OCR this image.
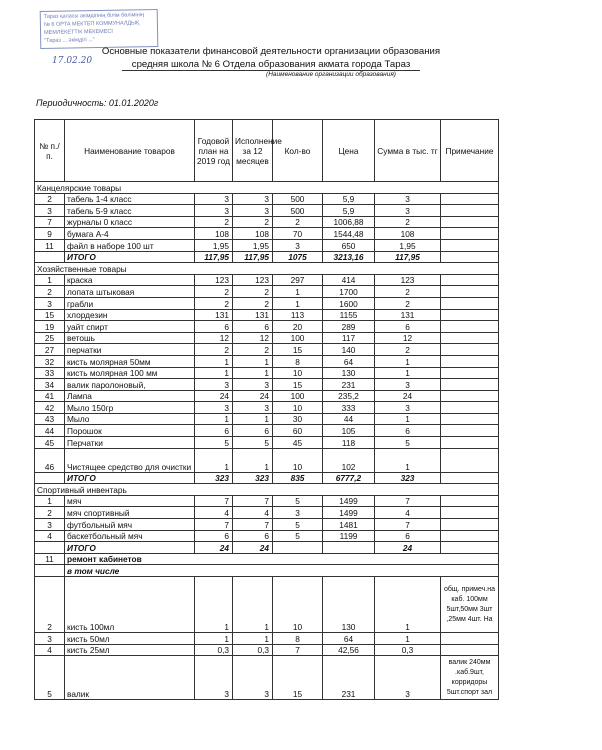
Тараз қаласы әкімдігінің білім бөлімінің
№ 6 ОРТА МЕКТЕП КОММУНАЛДЫҚ
МЕМЛЕКЕТТІК МЕКЕМЕСІ
"Тараз ... әкімдігі ..."
Основные показатели финансовой деятельности организации образования
17.02.20	средняя школа № 6 Отдела образования акмата города Тараз
(Наименование организации образования)
Периодичность: 01.01.2020г
№ п./п.	Наименование товаров	Годовой план на 2019 год	Исполнение за 12 месяцев	Кол-во	Цена	Сумма в тыс. тг	Примечание
Канцелярские товары							
2	табель 1-4 класс	3	3	500	5,9	3	
3	табель 5-9 класс	3	3	500	5,9	3	
7	журналы 0 класс	2	2	2	1006,88	2	
9	бумага А-4	108	108	70	1544,48	108	
11	файл в наборе 100 шт	1,95	1,95	3	650	1,95	
	ИТОГО	117,95	117,95	1075	3213,16	117,95	
Хозяйственные товары							
1	краска	123	123	297	414	123	
2	лопата штыковая	2	2	1	1700	2	
3	грабли	2	2	1	1600	2	
15	хлордезин	131	131	113	1155	131	
19	уайт спирт	6	6	20	289	6	
25	ветошь	12	12	100	117	12	
27	перчатки	2	2	15	140	2	
32	кисть молярная 50мм	1	1	8	64	1	
33	кисть молярная 100 мм	1	1	10	130	1	
34	валик паролоновый,	3	3	15	231	3	
41	Лампа	24	24	100	235,2	24	
42	Мыло 150гр	3	3	10	333	3	
43	Мыло	1	1	30	44	1	
44	Порошок	6	6	60	105	6	
45	Перчатки	5	5	45	118	5	
46	Чистящее средство для очистки	1	1	10	102	1	
	ИТОГО	323	323	835	6777,2	323	
Спортивный инвентарь							
1	мяч	7	7	5	1499	7	
2	мяч спортивный	4	4	3	1499	4	
3	футбольный мяч	7	7	5	1481	7	
4	баскетбольный мяч	6	6	5	1199	6	
	ИТОГО	24	24			24	
11	ремонт кабинетов						
	в том числе						
2	кисть 100мл	1	1	10	130	1	общ. примеч.на каб. 100мм 5шт,50мм 3шт ,25мм 4шт. На
3	кисть 50мл	1	1	8	64	1	
4	кисть 25мл	0,3	0,3	7	42,56	0,3	
5	валик	3	3	15	231	3	валик 240мм .каб.9шт, корридоры 5шт.спорт зал
